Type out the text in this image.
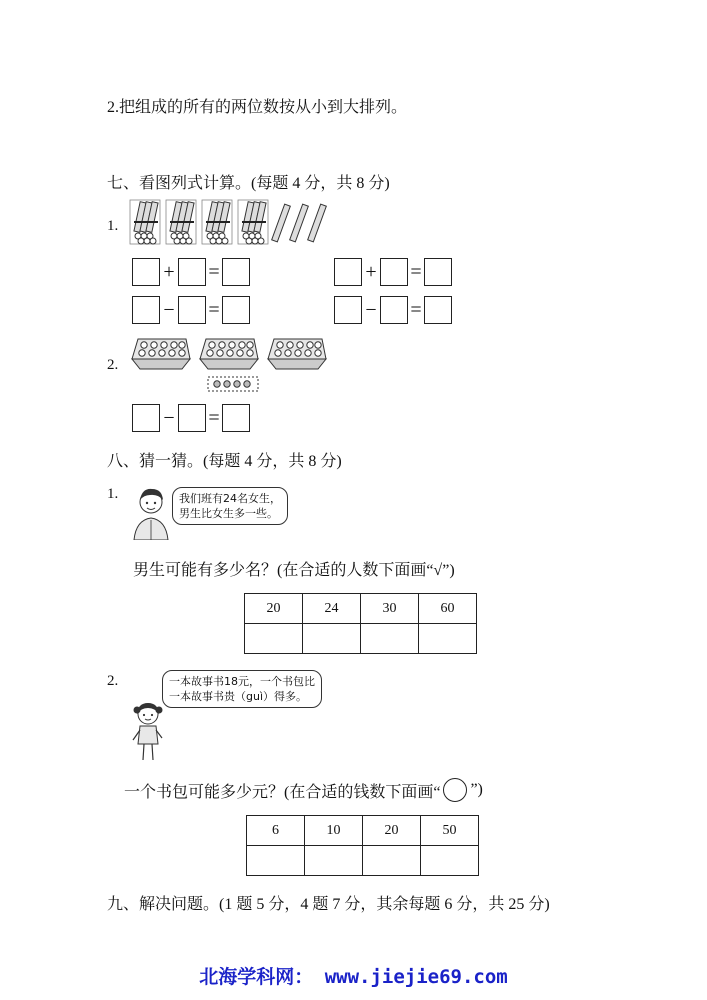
2.把组成的所有的两位数按从小到大排列。
七、看图列式计算。(每题 4 分，共 8 分)
1.
+ =
− =
+ =
− =
2.
− =
八、猜一猜。(每题 4 分，共 8 分)
1.	我们班有24名女生，
男生比女生多一些。
男生可能有多少名？(在合适的人数下面画“√”)
20	24	30	60

2.	一本故事书18元，一个书包比
一本故事书贵（guì）得多。
一个书包可能多少元？(在合适的钱数下面画“ ○ ”)
6	10	20	50

九、解决问题。(1 题 5 分，4 题 7 分，其余每题 6 分，共 25 分)
北海学科网： www.jiejie69.com
